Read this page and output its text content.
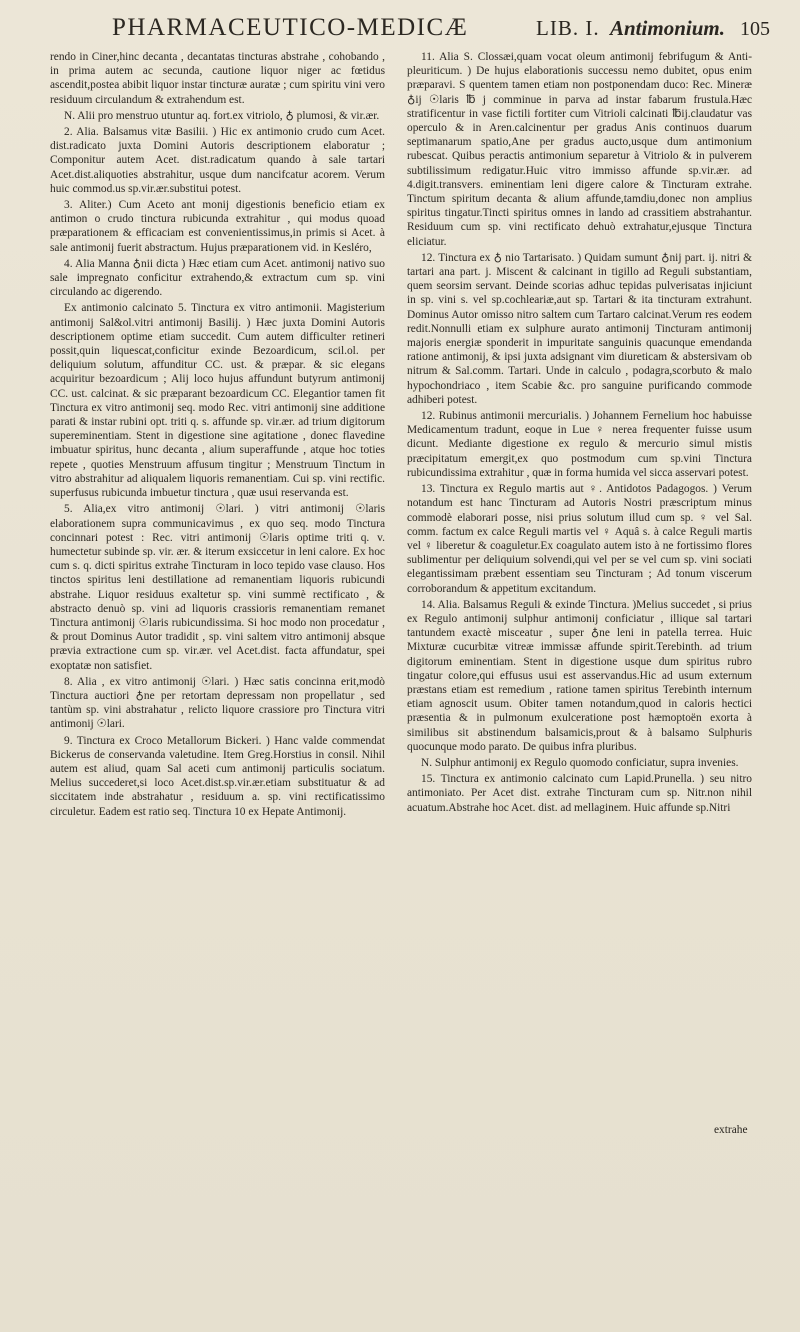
PHARMACEUTICO-MEDICÆ	LIB. I. Antimonium. 105

rendo in Ciner,hinc decanta , decantatas tincturas abstrahe , cohobando , in prima autem ac secunda, cautione liquor niger ac fœtidus ascendit,postea abibit liquor instar tincturæ auratæ ; cum spiritu vini vero residuum circulandum & extrahendum est.

N. Alii pro menstruo utuntur aq. fort.ex vitriolo, ♁ plumosi, & vir.ær.

2. Alia. Balsamus vitæ Basilii. ) Hic ex antimonio crudo cum Acet. dist.radicato juxta Domini Autoris descriptionem elaboratur ; Componitur autem Acet. dist.radicatum quando à sale tartari Acet.dist.aliquoties abstrahitur, usque dum nancifcatur acorem. Verum huic commod.us sp.vir.ær.substitui potest.

3. Aliter.) Cum Aceto ant monij digestionis beneficio etiam ex antimon o crudo tinctura rubicunda extrahitur , qui modus quoad præparationem & efficaciam est convenientissimus,in primis si Acet. à sale antimonij fuerit abstractum. Hujus præparationem vid. in Kesléro,

4. Alia Manna ♁nii dicta ) Hæc etiam cum Acet. antimonij nativo suo sale impregnato conficitur extrahendo,& extractum cum sp. vini circulando ac digerendo.

Ex antimonio calcinato 5. Tinctura ex vitro antimonii. Magisterium antimonij Sal&ol.vitri antimonij Basilij. ) Hæc juxta Domini Autoris descriptionem optime etiam succedit. Cum autem difficulter retineri possit,quin liquescat,conficitur exinde Bezoardicum, scil.ol. per deliquium solutum, affunditur CC. ust. & præpar. & sic elegans acquiritur bezoardicum ; Alij loco hujus affundunt butyrum antimonij CC. ust. calcinat. & sic præparant bezoardicum CC. Elegantior tamen fit Tinctura ex vitro antimonij seq. modo Rec. vitri antimonij sine additione parati & instar rubini opt. triti q. s. affunde sp. vir.ær. ad trium digitorum supereminentiam. Stent in digestione sine agitatione , donec flavedine imbuatur spiritus, hunc decanta , alium superaffunde , atque hoc toties repete , quoties Menstruum affusum tingitur ; Menstruum Tinctum in vitro abstrahitur ad aliqualem liquoris remanentiam. Cui sp. vini rectific. superfusus rubicunda imbuetur tinctura , quæ usui reservanda est.

5. Alia,ex vitro antimonij ☉lari. ) vitri antimonij ☉laris elaborationem supra communicavimus , ex quo seq. modo Tinctura concinnari potest : Rec. vitri antimonij ☉laris optime triti q. v. humectetur subinde sp. vir. ær. & iterum exsiccetur in leni calore. Ex hoc cum s. q. dicti spiritus extrahe Tincturam in loco tepido vase clauso. Hos tinctos spiritus leni destillatione ad remanentiam liquoris rubicundi abstrahe. Liquor residuus exaltetur sp. vini summè rectificato , & abstracto denuò sp. vini ad liquoris crassioris remanentiam remanet Tinctura antimonij ☉laris rubicundissima. Si hoc modo non procedatur , & prout Dominus Autor tradidit , sp. vini saltem vitro antimonij absque prævia extractione cum sp. vir.ær. vel Acet.dist. facta affundatur, spei exoptatæ non satisfiet.

8. Alia , ex vitro antimonij ☉lari. ) Hæc satis concinna erit,modò Tinctura auctiori ♁ne per retortam depressam non propellatur , sed tantùm sp. vini abstrahatur , relicto liquore crassiore pro Tinctura vitri antimonij ☉lari.

9. Tinctura ex Croco Metallorum Bickeri. ) Hanc valde commendat Bickerus de conservanda valetudine. Item Greg.Horstius in consil. Nihil autem est aliud, quam Sal aceti cum antimonij particulis sociatum. Melius succederet,si loco Acet.dist.sp.vir.ær.etiam substituatur & ad siccitatem inde abstrahatur , residuum a. sp. vini rectificatissimo circuletur. Eadem est ratio seq. Tinctura 10 ex Hepate Antimonij.

11. Alia S. Clossæi,quam vocat oleum antimonij febrifugum & Anti-pleuriticum. ) De hujus elaborationis successu nemo dubitet, opus enim præparavi. S quentem tamen etiam non postponendam duco: Rec. Mineræ ♁ij ☉laris ℔ j comminue in parva ad instar fabarum frustula.Hæc stratificentur in vase fictili fortiter cum Vitrioli calcinati ℔ij.claudatur vas operculo & in Aren.calcinentur per gradus Anis continuos duarum septimanarum spatio,Ane per gradus aucto,usque dum antimonium rubescat. Quibus peractis antimonium separetur à Vitriolo & in pulverem subtilissimum redigatur.Huic vitro immisso affunde sp.vir.ær. ad 4.digit.transvers. eminentiam leni digere calore & Tincturam extrahe. Tinctum spiritum decanta & alium affunde,tamdiu,donec non amplius spiritus tingatur.Tincti spiritus omnes in lando ad crassitiem abstrahantur. Residuum cum sp. vini rectificato dehuò extrahatur,ejusque Tinctura eliciatur.

12. Tinctura ex ♁ nio Tartarisato. ) Quidam sumunt ♁nij part. ij. nitri & tartari ana part. j. Miscent & calcinant in tigillo ad Reguli substantiam, quem seorsim servant. Deinde scorias adhuc tepidas pulverisatas injiciunt in sp. vini s. vel sp.cochleariæ,aut sp. Tartari & ita tincturam extrahunt. Dominus Autor omisso nitro saltem cum Tartaro calcinat.Verum res eodem redit.Nonnulli etiam ex sulphure aurato antimonij Tincturam antimonij majoris energiæ sponderit in impuritate sanguinis quacunque emendanda ratione antimonij, & ipsi juxta adsignant vim diureticam & abstersivam ob nitrum & Sal.comm. Tartari. Unde in calculo , podagra,scorbuto & malo hypochondriaco , item Scabie &c. pro sanguine purificando commode adhiberi potest.

12. Rubinus antimonii mercurialis. ) Johannem Fernelium hoc habuisse Medicamentum tradunt, eoque in Lue ♀ nerea frequenter fuisse usum dicunt. Mediante digestione ex regulo & mercurio simul mistis præcipitatum emergit,ex quo postmodum cum sp.vini Tinctura rubicundissima extrahitur , quæ in forma humida vel sicca asservari potest.

13. Tinctura ex Regulo martis aut ♀. Antidotos Padagogos. ) Verum notandum est hanc Tincturam ad Autoris Nostri præscriptum minus commodè elaborari posse, nisi prius solutum illud cum sp. ♀ vel Sal. comm. factum ex calce Reguli martis vel ♀ Aquâ s. à calce Reguli martis vel ♀ liberetur & coaguletur.Ex coagulato autem isto à ne fortissimo flores sublimentur per deliquium solvendi,qui vel per se vel cum sp. vini sociati elegantissimam præbent essentiam seu Tincturam ; Ad tonum viscerum corroborandum & appetitum excitandum.

14. Alia. Balsamus Reguli & exinde Tinctura. )Melius succedet , si prius ex Regulo antimonij sulphur antimonij conficiatur , illique sal tartari tantundem exactè misceatur , super ♁ne leni in patella terrea. Huic Mixturæ cucurbitæ vitreæ immissæ affunde spirit.Terebinth. ad trium digitorum eminentiam. Stent in digestione usque dum spiritus rubro tingatur colore,qui effusus usui est asservandus.Hic ad usum externum præstans etiam est remedium , ratione tamen spiritus Terebinth internum etiam agnoscit usum. Obiter tamen notandum,quod in caloris hectici præsentia & in pulmonum exulceratione post hæmoptoën exorta à similibus sit abstinendum balsamicis,prout & à balsamo Sulphuris quocunque modo parato. De quibus infra pluribus.

N. Sulphur antimonij ex Regulo quomodo conficiatur, supra invenies.

15. Tinctura ex antimonio calcinato cum Lapid.Prunella. ) seu nitro antimoniato. Per Acet dist. extrahe Tincturam cum sp. Nitr.non nihil acuatum.Abstrahe hoc Acet. dist. ad mellaginem. Huic affunde sp.Nitri

extrahe
